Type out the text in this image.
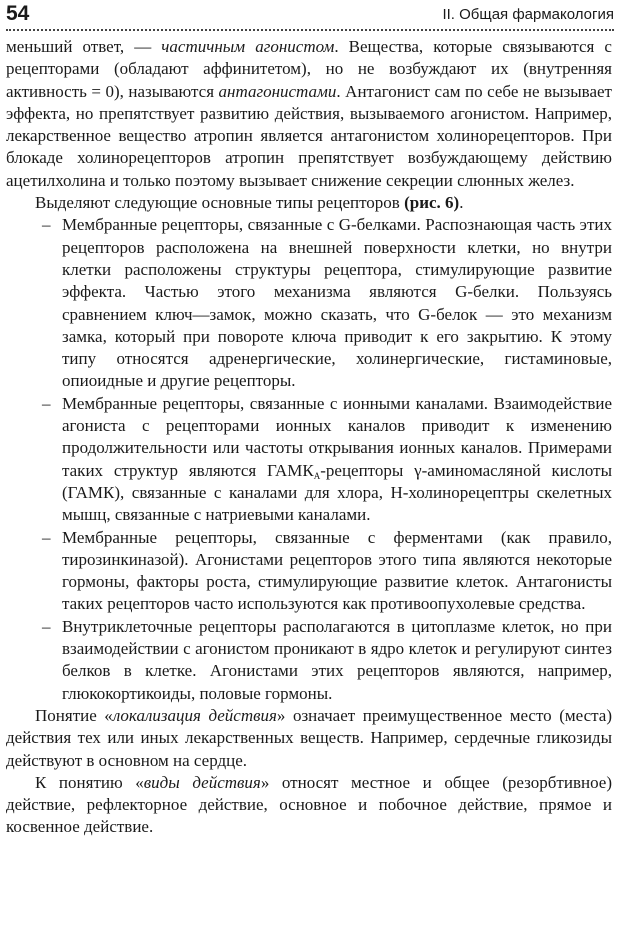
54	II. Общая фармакология

меньший ответ, — частичным агонистом. Вещества, которые связываются с рецепторами (обладают аффинитетом), но не возбуждают их (внутренняя активность = 0), называются антагонистами. Антагонист сам по себе не вызывает эффекта, но препятствует развитию действия, вызываемого агонистом. Например, лекарственное вещество атропин является антагонистом холинорецепторов. При блокаде холинорецепторов атропин препятствует возбуждающему действию ацетилхолина и только поэтому вызывает снижение секреции слюнных желез.

Выделяют следующие основные типы рецепторов (рис. 6).

– Мембранные рецепторы, связанные с G-белками. Распознающая часть этих рецепторов расположена на внешней поверхности клетки, но внутри клетки расположены структуры рецептора, стимулирующие развитие эффекта. Частью этого механизма являются G-белки. Пользуясь сравнением ключ—замок, можно сказать, что G-белок — это механизм замка, который при повороте ключа приводит к его закрытию. К этому типу относятся адренергические, холинергические, гистаминовые, опиоидные и другие рецепторы.
– Мембранные рецепторы, связанные с ионными каналами. Взаимодействие агониста с рецепторами ионных каналов приводит к изменению продолжительности или частоты открывания ионных каналов. Примерами таких структур являются $ГАМК_А$-рецепторы γ-аминомасляной кислоты (ГАМК), связанные с каналами для хлора, Н-холинорецептры скелетных мышц, связанные с натриевыми каналами.
– Мембранные рецепторы, связанные с ферментами (как правило, тирозинкиназой). Агонистами рецепторов этого типа являются некоторые гормоны, факторы роста, стимулирующие развитие клеток. Антагонисты таких рецепторов часто используются как противоопухолевые средства.
– Внутриклеточные рецепторы располагаются в цитоплазме клеток, но при взаимодействии с агонистом проникают в ядро клеток и регулируют синтез белков в клетке. Агонистами этих рецепторов являются, например, глюкокортикоиды, половые гормоны.

Понятие «локализация действия» означает преимущественное место (места) действия тех или иных лекарственных веществ. Например, сердечные гликозиды действуют в основном на сердце.

К понятию «виды действия» относят местное и общее (резорбтивное) действие, рефлекторное действие, основное и побочное действие, прямое и косвенное действие.
